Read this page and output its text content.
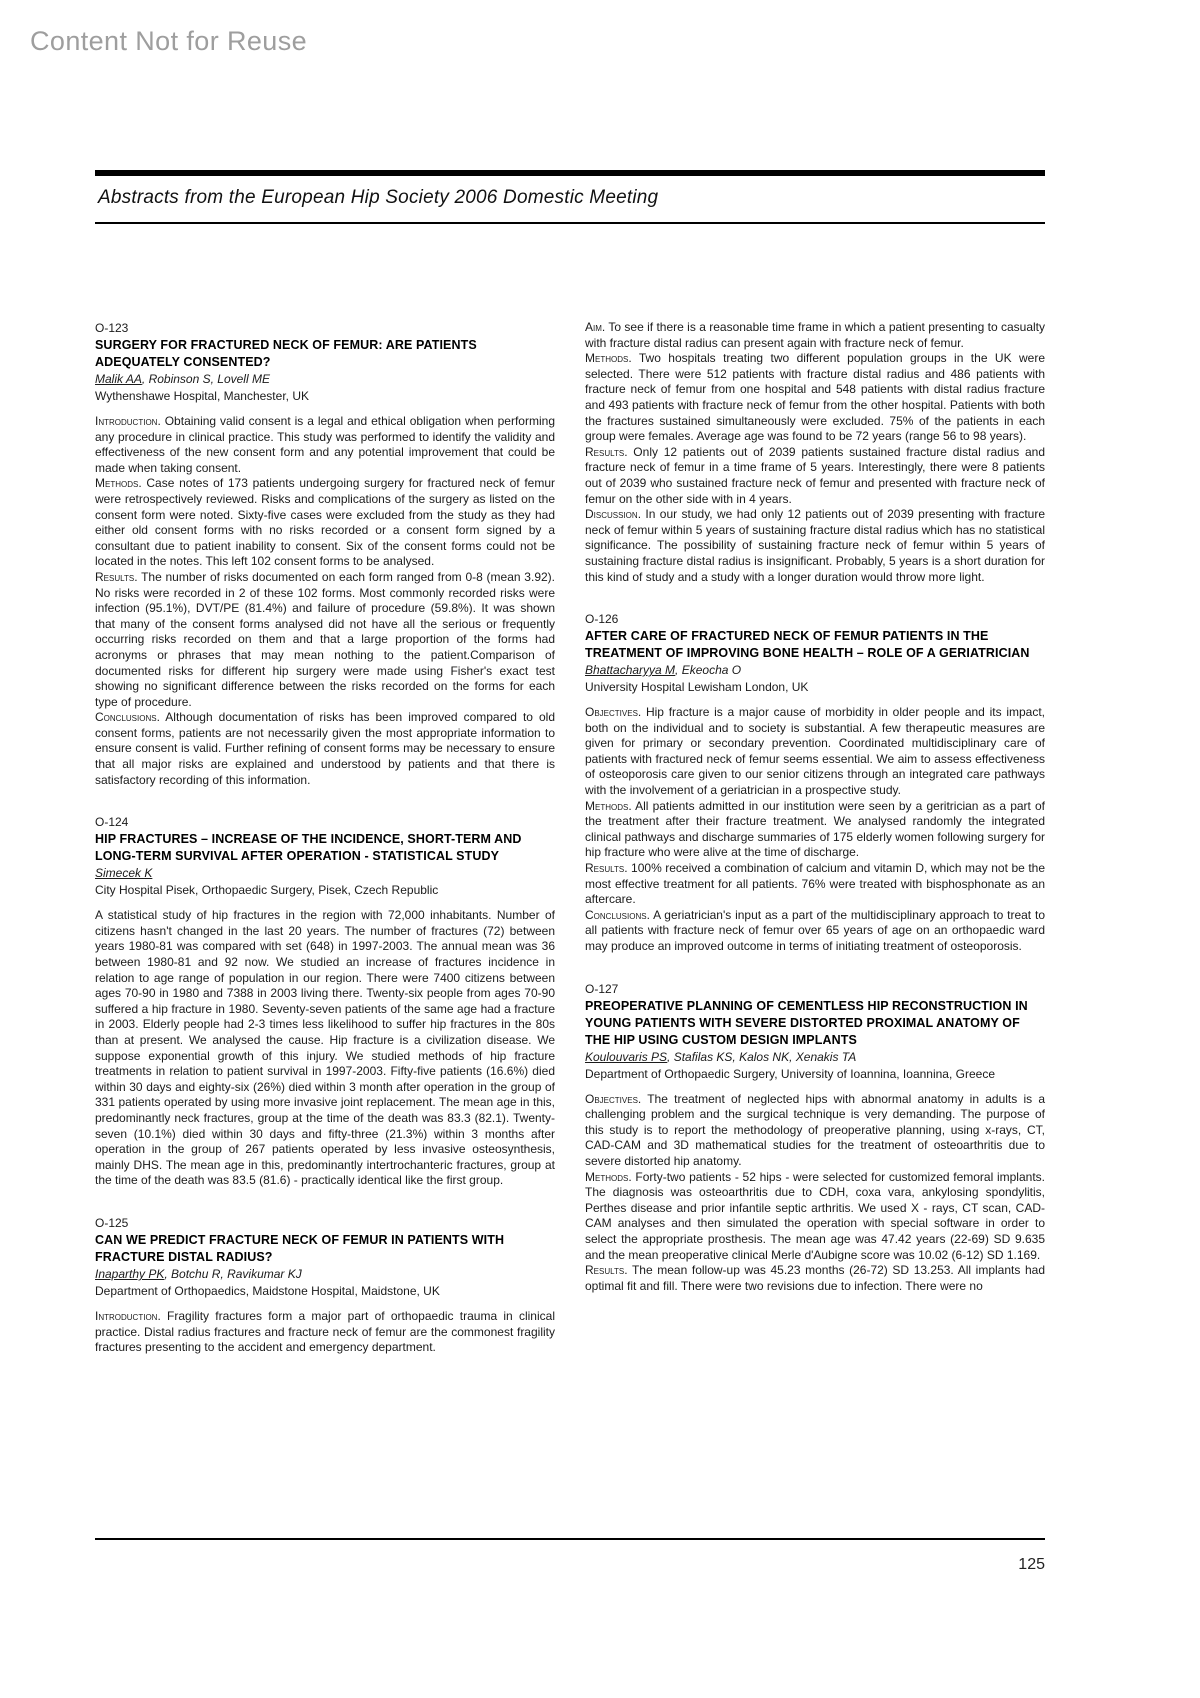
Content Not for Reuse
Abstracts from the European Hip Society 2006 Domestic Meeting
O-123
SURGERY FOR FRACTURED NECK OF FEMUR: ARE PATIENTS ADEQUATELY CONSENTED?
Malik AA, Robinson S, Lovell ME
Wythenshawe Hospital, Manchester, UK

Introduction. Obtaining valid consent is a legal and ethical obligation when performing any procedure in clinical practice. This study was performed to identify the validity and effectiveness of the new consent form and any potential improvement that could be made when taking consent.

Methods. Case notes of 173 patients undergoing surgery for fractured neck of femur were retrospectively reviewed. Risks and complications of the surgery as listed on the consent form were noted. Sixty-five cases were excluded from the study as they had either old consent forms with no risks recorded or a consent form signed by a consultant due to patient inability to consent. Six of the consent forms could not be located in the notes. This left 102 consent forms to be analysed.

Results. The number of risks documented on each form ranged from 0-8 (mean 3.92). No risks were recorded in 2 of these 102 forms. Most commonly recorded risks were infection (95.1%), DVT/PE (81.4%) and failure of procedure (59.8%). It was shown that many of the consent forms analysed did not have all the serious or frequently occurring risks recorded on them and that a large proportion of the forms had acronyms or phrases that may mean nothing to the patient.Comparison of documented risks for different hip surgery were made using Fisher's exact test showing no significant difference between the risks recorded on the forms for each type of procedure.

Conclusions. Although documentation of risks has been improved compared to old consent forms, patients are not necessarily given the most appropriate information to ensure consent is valid. Further refining of consent forms may be necessary to ensure that all major risks are explained and understood by patients and that there is satisfactory recording of this information.

O-124
HIP FRACTURES – INCREASE OF THE INCIDENCE, SHORT-TERM AND LONG-TERM SURVIVAL AFTER OPERATION - STATISTICAL STUDY
Simecek K
City Hospital Pisek, Orthopaedic Surgery, Pisek, Czech Republic

A statistical study of hip fractures in the region with 72,000 inhabitants. Number of citizens hasn't changed in the last 20 years. The number of fractures (72) between years 1980-81 was compared with set (648) in 1997-2003. The annual mean was 36 between 1980-81 and 92 now. We studied an increase of fractures incidence in relation to age range of population in our region. There were 7400 citizens between ages 70-90 in 1980 and 7388 in 2003 living there. Twenty-six people from ages 70-90 suffered a hip fracture in 1980. Seventy-seven patients of the same age had a fracture in 2003. Elderly people had 2-3 times less likelihood to suffer hip fractures in the 80s than at present. We analysed the cause. Hip fracture is a civilization disease. We suppose exponential growth of this injury. We studied methods of hip fracture treatments in relation to patient survival in 1997-2003. Fifty-five patients (16.6%) died within 30 days and eighty-six (26%) died within 3 month after operation in the group of 331 patients operated by using more invasive joint replacement. The mean age in this, predominantly neck fractures, group at the time of the death was 83.3 (82.1). Twenty-seven (10.1%) died within 30 days and fifty-three (21.3%) within 3 months after operation in the group of 267 patients operated by less invasive osteosynthesis, mainly DHS. The mean age in this, predominantly intertrochanteric fractures, group at the time of the death was 83.5 (81.6) - practically identical like the first group.

O-125
CAN WE PREDICT FRACTURE NECK OF FEMUR IN PATIENTS WITH FRACTURE DISTAL RADIUS?
Inaparthy PK, Botchu R, Ravikumar KJ
Department of Orthopaedics, Maidstone Hospital, Maidstone, UK

Introduction. Fragility fractures form a major part of orthopaedic trauma in clinical practice. Distal radius fractures and fracture neck of femur are the commonest fragility fractures presenting to the accident and emergency department.

Aim. To see if there is a reasonable time frame in which a patient presenting to casualty with fracture distal radius can present again with fracture neck of femur.

Methods. Two hospitals treating two different population groups in the UK were selected. There were 512 patients with fracture distal radius and 486 patients with fracture neck of femur from one hospital and 548 patients with distal radius fracture and 493 patients with fracture neck of femur from the other hospital. Patients with both the fractures sustained simultaneously were excluded. 75% of the patients in each group were females. Average age was found to be 72 years (range 56 to 98 years).

Results. Only 12 patients out of 2039 patients sustained fracture distal radius and fracture neck of femur in a time frame of 5 years. Interestingly, there were 8 patients out of 2039 who sustained fracture neck of femur and presented with fracture neck of femur on the other side with in 4 years.

Discussion. In our study, we had only 12 patients out of 2039 presenting with fracture neck of femur within 5 years of sustaining fracture distal radius which has no statistical significance. The possibility of sustaining fracture neck of femur within 5 years of sustaining fracture distal radius is insignificant. Probably, 5 years is a short duration for this kind of study and a study with a longer duration would throw more light.

O-126
AFTER CARE OF FRACTURED NECK OF FEMUR PATIENTS IN THE TREATMENT OF IMPROVING BONE HEALTH – ROLE OF A GERIATRICIAN
Bhattacharyya M, Ekeocha O
University Hospital Lewisham London, UK

Objectives. Hip fracture is a major cause of morbidity in older people and its impact, both on the individual and to society is substantial. A few therapeutic measures are given for primary or secondary prevention. Coordinated multidisciplinary care of patients with fractured neck of femur seems essential. We aim to assess effectiveness of osteoporosis care given to our senior citizens through an integrated care pathways with the involvement of a geriatrician in a prospective study.

Methods. All patients admitted in our institution were seen by a geritrician as a part of the treatment after their fracture treatment. We analysed randomly the integrated clinical pathways and discharge summaries of 175 elderly women following surgery for hip fracture who were alive at the time of discharge.

Results. 100% received a combination of calcium and vitamin D, which may not be the most effective treatment for all patients. 76% were treated with bisphosphonate as an aftercare.

Conclusions. A geriatrician's input as a part of the multidisciplinary approach to treat to all patients with fracture neck of femur over 65 years of age on an orthopaedic ward may produce an improved outcome in terms of initiating treatment of osteoporosis.

O-127
PREOPERATIVE PLANNING OF CEMENTLESS HIP RECONSTRUCTION IN YOUNG PATIENTS WITH SEVERE DISTORTED PROXIMAL ANATOMY OF THE HIP USING CUSTOM DESIGN IMPLANTS
Koulouvaris PS, Stafilas KS, Kalos NK, Xenakis TA
Department of Orthopaedic Surgery, University of Ioannina, Ioannina, Greece

Objectives. The treatment of neglected hips with abnormal anatomy in adults is a challenging problem and the surgical technique is very demanding. The purpose of this study is to report the methodology of preoperative planning, using x-rays, CT, CAD-CAM and 3D mathematical studies for the treatment of osteoarthritis due to severe distorted hip anatomy.

Methods. Forty-two patients - 52 hips - were selected for customized femoral implants. The diagnosis was osteoarthritis due to CDH, coxa vara, ankylosing spondylitis, Perthes disease and prior infantile septic arthritis. We used X - rays, CT scan, CAD-CAM analyses and then simulated the operation with special software in order to select the appropriate prosthesis. The mean age was 47.42 years (22-69) SD 9.635 and the mean preoperative clinical Merle d'Aubigne score was 10.02 (6-12) SD 1.169.

Results. The mean follow-up was 45.23 months (26-72) SD 13.253. All implants had optimal fit and fill. There were two revisions due to infection. There were no

125
